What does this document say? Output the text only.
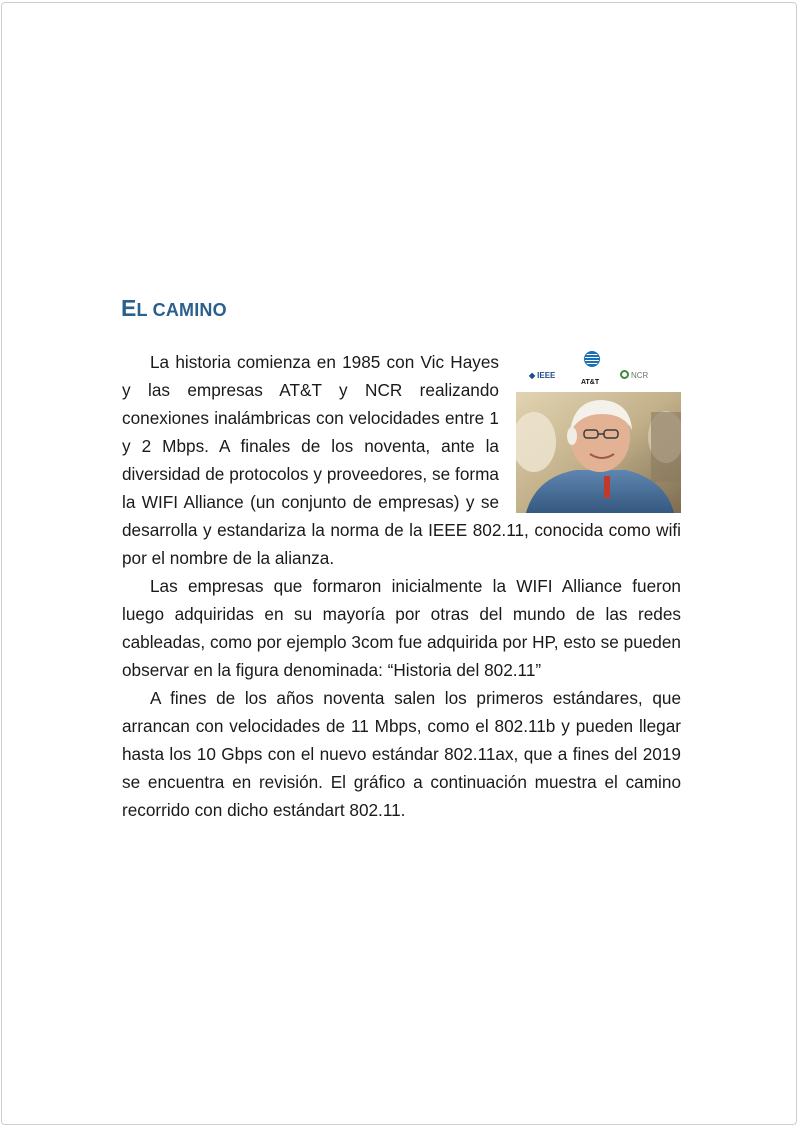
EL CAMINO
◆ IEEE
AT&T
NCR

La historia comienza en 1985 con Vic Hayes y las empresas AT&T y NCR realizando conexiones inalámbricas con velocidades entre 1 y 2 Mbps. A finales de los noventa, ante la diversidad de protocolos y proveedores, se forma la WIFI Alliance (un conjunto de empresas) y se desarrolla y estandariza la norma de la IEEE 802.11, conocida como wifi por el nombre de la alianza.

Las empresas que formaron inicialmente la WIFI Alliance fueron luego adquiridas en su mayoría por otras del mundo de las redes cableadas, como por ejemplo 3com fue adquirida por HP, esto se pueden observar en la figura denominada: “Historia del 802.11”

A fines de los años noventa salen los primeros estándares, que arrancan con velocidades de 11 Mbps, como el 802.11b y pueden llegar hasta los 10 Gbps con el nuevo estándar 802.11ax, que a fines del 2019 se encuentra en revisión. El gráfico a continuación muestra el camino recorrido con dicho estándart 802.11.
